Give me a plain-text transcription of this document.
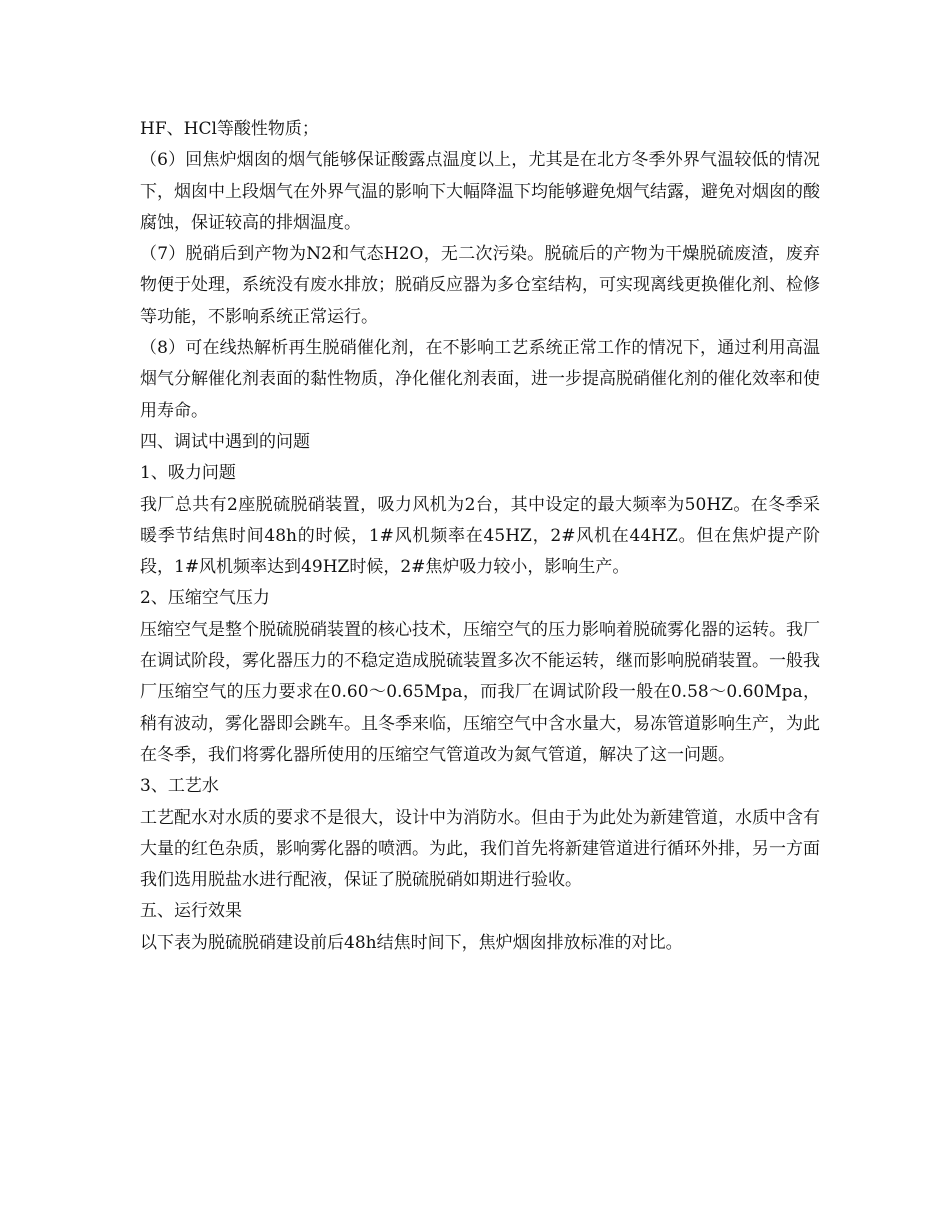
HF、HCl等酸性物质；

（6）回焦炉烟囱的烟气能够保证酸露点温度以上，尤其是在北方冬季外界气温较低的情况下，烟囱中上段烟气在外界气温的影响下大幅降温下均能够避免烟气结露，避免对烟囱的酸腐蚀，保证较高的排烟温度。

（7）脱硝后到产物为N2和气态H2O，无二次污染。脱硫后的产物为干燥脱硫废渣，废弃物便于处理，系统没有废水排放；脱硝反应器为多仓室结构，可实现离线更换催化剂、检修等功能，不影响系统正常运行。

（8）可在线热解析再生脱硝催化剂，在不影响工艺系统正常工作的情况下，通过利用高温烟气分解催化剂表面的黏性物质，净化催化剂表面，进一步提高脱硝催化剂的催化效率和使用寿命。

四、调试中遇到的问题

1、吸力问题

我厂总共有2座脱硫脱硝装置，吸力风机为2台，其中设定的最大频率为50HZ。在冬季采暖季节结焦时间48h的时候，1#风机频率在45HZ，2#风机在44HZ。但在焦炉提产阶段，1#风机频率达到49HZ时候，2#焦炉吸力较小，影响生产。

2、压缩空气压力

压缩空气是整个脱硫脱硝装置的核心技术，压缩空气的压力影响着脱硫雾化器的运转。我厂在调试阶段，雾化器压力的不稳定造成脱硫装置多次不能运转，继而影响脱硝装置。一般我厂压缩空气的压力要求在0.60～0.65Mpa，而我厂在调试阶段一般在0.58～0.60Mpa，稍有波动，雾化器即会跳车。且冬季来临，压缩空气中含水量大，易冻管道影响生产，为此在冬季，我们将雾化器所使用的压缩空气管道改为氮气管道，解决了这一问题。

3、工艺水

工艺配水对水质的要求不是很大，设计中为消防水。但由于为此处为新建管道，水质中含有大量的红色杂质，影响雾化器的喷洒。为此，我们首先将新建管道进行循环外排，另一方面我们选用脱盐水进行配液，保证了脱硫脱硝如期进行验收。

五、运行效果

以下表为脱硫脱硝建设前后48h结焦时间下，焦炉烟囱排放标准的对比。
